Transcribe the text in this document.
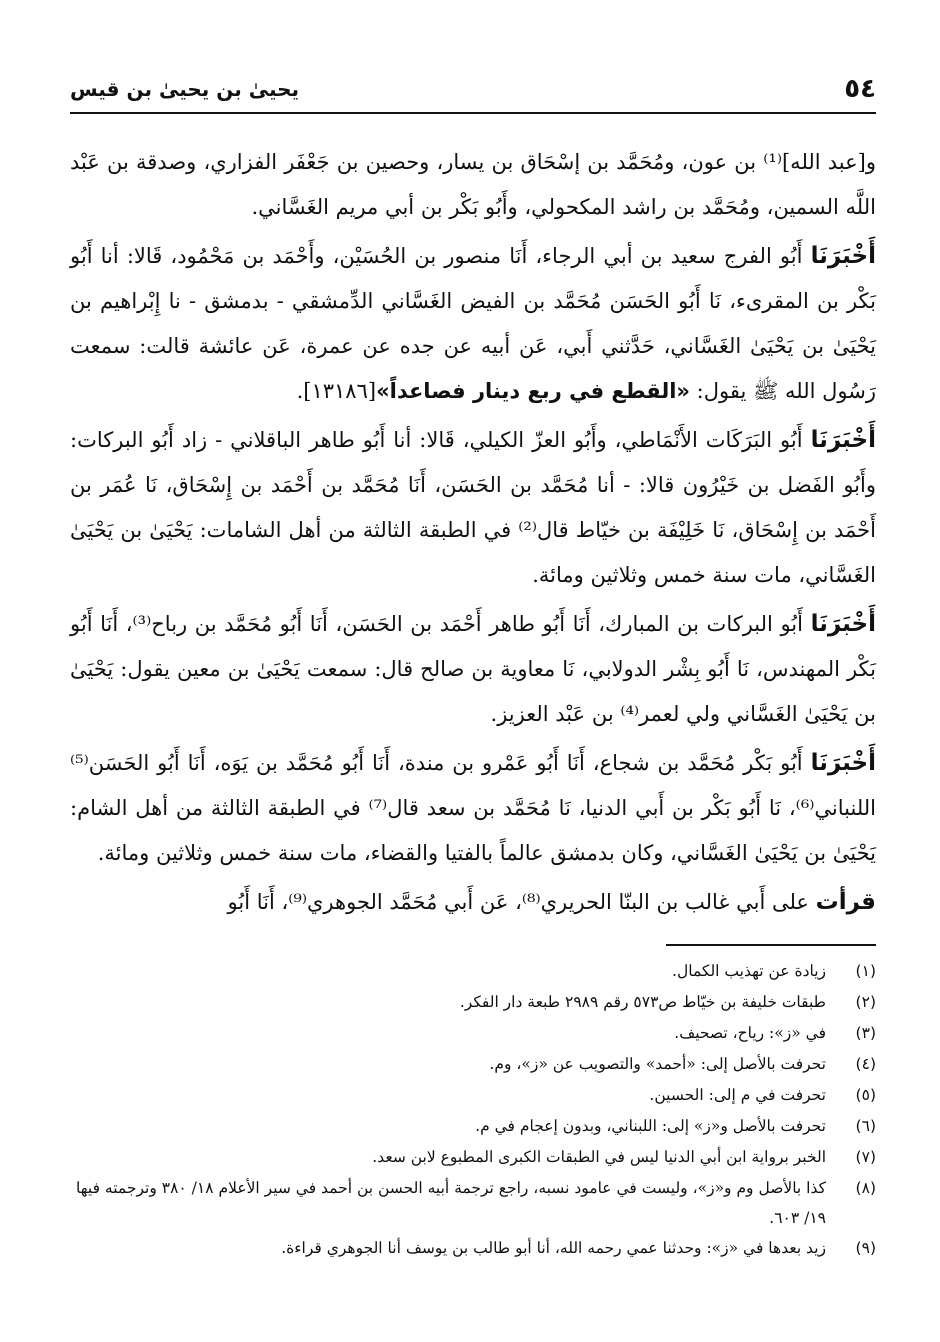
٥٤
يحيىٰ بن يحيىٰ بن قيس

و[عبد الله]⁽¹⁾ بن عون، ومُحَمَّد بن إسْحَاق بن يسار، وحصين بن جَعْفَر الفزاري، وصدقة بن عَبْد اللَّه السمين، ومُحَمَّد بن راشد المكحولي، وأَبُو بَكْر بن أبي مريم الغَسَّاني.

أَخْبَرَنَا أَبُو الفرج سعيد بن أبي الرجاء، أَنَا منصور بن الحُسَيْن، وأَحْمَد بن مَحْمُود، قَالا: أنا أَبُو بَكْر بن المقرىء، نَا أَبُو الحَسَن مُحَمَّد بن الفيض الغَسَّاني الدِّمشقي - بدمشق - نا إِبْراهيم بن يَحْيَىٰ بن يَحْيَىٰ الغَسَّاني، حَدَّثني أَبي، عَن أبيه عن جده عن عمرة، عَن عائشة قالت: سمعت رَسُول الله ﷺ يقول: «القطع في ربع دينار فصاعداً»[١٣١٨٦].

أَخْبَرَنَا أَبُو البَرَكَات الأَنْمَاطي، وأَبُو العزّ الكيلي، قَالا: أنا أَبُو طاهر الباقلاني - زاد أَبُو البركات: وأَبُو الفَضل بن خَيْرُون قالا: - أنا مُحَمَّد بن الحَسَن، أَنَا مُحَمَّد بن أَحْمَد بن إِسْحَاق، نَا عُمَر بن أَحْمَد بن إِسْحَاق، نَا خَلِيْفَة بن خيّاط قال⁽²⁾ في الطبقة الثالثة من أهل الشامات: يَحْيَىٰ بن يَحْيَىٰ الغَسَّاني، مات سنة خمس وثلاثين ومائة.

أَخْبَرَنَا أَبُو البركات بن المبارك، أَنَا أَبُو طاهر أَحْمَد بن الحَسَن، أَنَا أَبُو مُحَمَّد بن رباح⁽³⁾، أَنَا أَبُو بَكْر المهندس، نَا أَبُو بِشْر الدولابي، نَا معاوية بن صالح قال: سمعت يَحْيَىٰ بن معين يقول: يَحْيَىٰ بن يَحْيَىٰ الغَسَّاني ولي لعمر⁽⁴⁾ بن عَبْد العزيز.

أَخْبَرَنَا أَبُو بَكْر مُحَمَّد بن شجاع، أَنَا أَبُو عَمْرو بن مندة، أَنَا أَبُو مُحَمَّد بن يَوَه، أَنَا أَبُو الحَسَن⁽⁵⁾ اللنباني⁽⁶⁾، نَا أَبُو بَكْر بن أَبي الدنيا، نَا مُحَمَّد بن سعد قال⁽⁷⁾ في الطبقة الثالثة من أهل الشام: يَحْيَىٰ بن يَحْيَىٰ الغَسَّاني، وكان بدمشق عالماً بالفتيا والقضاء، مات سنة خمس وثلاثين ومائة.

قرأت على أَبي غالب بن البنّا الحريري⁽⁸⁾، عَن أَبي مُحَمَّد الجوهري⁽⁹⁾، أَنَا أَبُو

(١)
زيادة عن تهذيب الكمال.
(٢)
طبقات خليفة بن خيّاط ص٥٧٣ رقم ٢٩٨٩ طبعة دار الفكر.
(٣)
في «ز»: رياح، تصحيف.
(٤)
تحرفت بالأصل إلى: «أحمد» والتصويب عن «ز»، وم.
(٥)
تحرفت في م إلى: الحسين.
(٦)
تحرفت بالأصل و«ز» إلى: اللبناني، وبدون إعجام في م.
(٧)
الخبر برواية ابن أبي الدنيا ليس في الطبقات الكبرى المطبوع لابن سعد.
(٨)
كذا بالأصل وم و«ز»، وليست في عامود نسبه، راجع ترجمة أبيه الحسن بن أحمد في سير الأعلام ١٨/ ٣٨٠ وترجمته فيها ١٩/ ٦٠٣.
(٩)
زيد بعدها في «ز»: وحدثنا عمي رحمه الله، أنا أبو طالب بن يوسف أنا الجوهري قراءة.
